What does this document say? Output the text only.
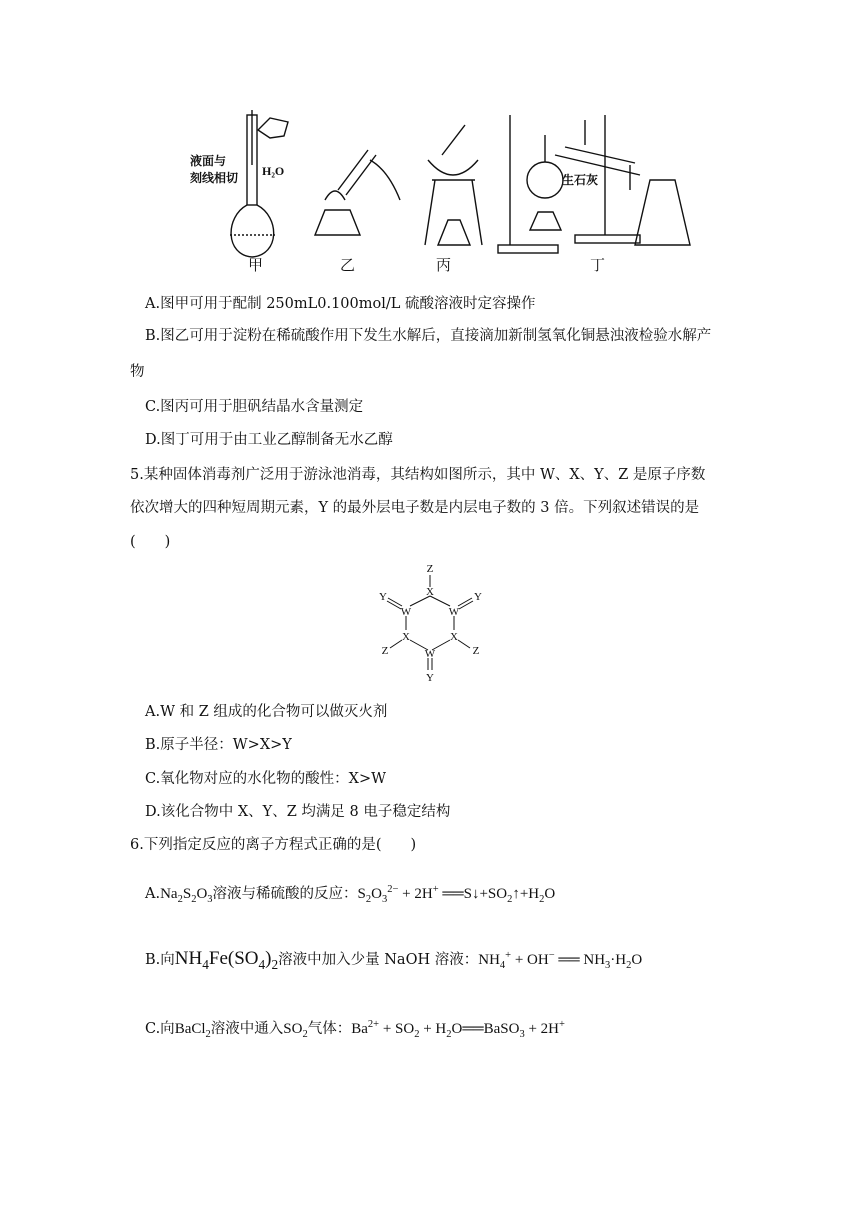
甲	乙	丙	丁
液面与
刻线相切 H₂O
生石灰
A.图甲可用于配制 250mL0.100mol/L 硫酸溶液时定容操作
B.图乙可用于淀粉在稀硫酸作用下发生水解后，直接滴加新制氢氧化铜悬浊液检验水解产
物
C.图丙可用于胆矾结晶水含量测定
D.图丁可用于由工业乙醇制备无水乙醇
5.某种固体消毒剂广泛用于游泳池消毒，其结构如图所示，其中 W、X、Y、Z 是原子序数
依次增大的四种短周期元素，Y 的最外层电子数是内层电子数的 3 倍。下列叙述错误的是
(　　)
Z
X
W
W
Y
Y
X
X
Z
Z	W
Y
A.W 和 Z 组成的化合物可以做灭火剂
B.原子半径：W>X>Y
C.氧化物对应的水化物的酸性：X>W
D.该化合物中 X、Y、Z 均满足 8 电子稳定结构
6.下列指定反应的离子方程式正确的是(　　)
$A.Na_2S_2O_3$溶液与稀硫酸的反应：$S_2O_3^{2-} + 2H^+$ $══S↓+SO_2↑+H_2O$
B.向$NH_4Fe(SO_4)_2$溶液中加入少量 NaOH 溶液：$NH_4^+ + OH^-$ ══ $NH_3\cdot H_2O$
C.向BaCl$_2$溶液中通入$SO_2$气体：$Ba^{2+} + SO_2$ + $H_2O══BaSO_3 + 2H^+$
